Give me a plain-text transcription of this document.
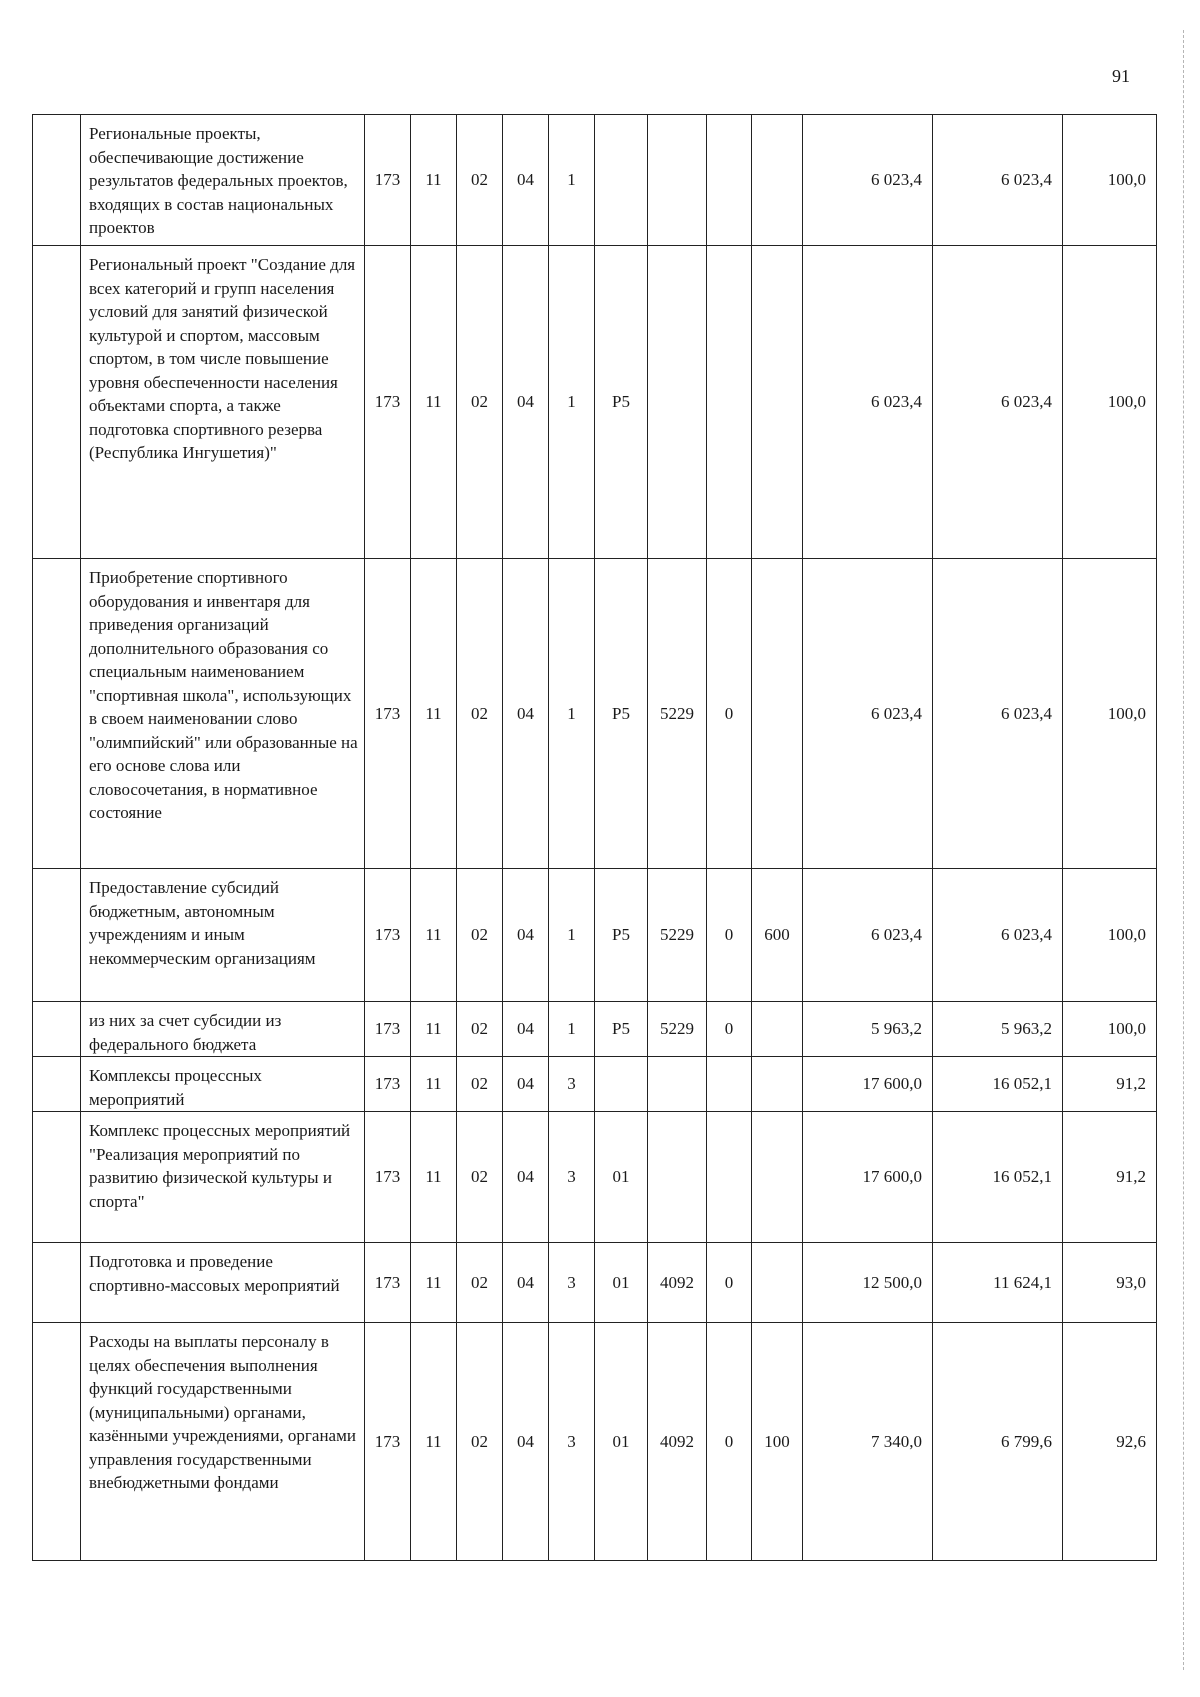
91
	Региональные проекты, обеспечивающие достижение результатов федеральных проектов, входящих в состав национальных проектов	173	11	02	04	1					6 023,4	6 023,4	100,0
	Региональный проект "Создание для всех категорий и групп населения условий для занятий физической культурой и спортом, массовым спортом, в том числе повышение уровня обеспеченности населения объектами спорта, а также подготовка спортивного резерва (Республика Ингушетия)"	173	11	02	04	1	P5				6 023,4	6 023,4	100,0
	Приобретение спортивного оборудования и инвентаря для приведения организаций дополнительного образования со специальным наименованием "спортивная школа", использующих в своем наименовании слово "олимпийский" или образованные на его основе слова или словосочетания, в нормативное состояние	173	11	02	04	1	P5	5229	0		6 023,4	6 023,4	100,0
	Предоставление субсидий бюджетным, автономным учреждениям и иным некоммерческим организациям	173	11	02	04	1	P5	5229	0	600	6 023,4	6 023,4	100,0
	из них за счет субсидии из федерального бюджета	173	11	02	04	1	P5	5229	0		5 963,2	5 963,2	100,0
	Комплексы процессных мероприятий	173	11	02	04	3					17 600,0	16 052,1	91,2
	Комплекс процессных мероприятий "Реализация мероприятий по развитию физической культуры и спорта"	173	11	02	04	3	01				17 600,0	16 052,1	91,2
	Подготовка и проведение спортивно-массовых мероприятий	173	11	02	04	3	01	4092	0		12 500,0	11 624,1	93,0
	Расходы на выплаты персоналу в целях обеспечения выполнения функций государственными (муниципальными) органами, казёнными учреждениями, органами управления государственными внебюджетными фондами	173	11	02	04	3	01	4092	0	100	7 340,0	6 799,6	92,6
